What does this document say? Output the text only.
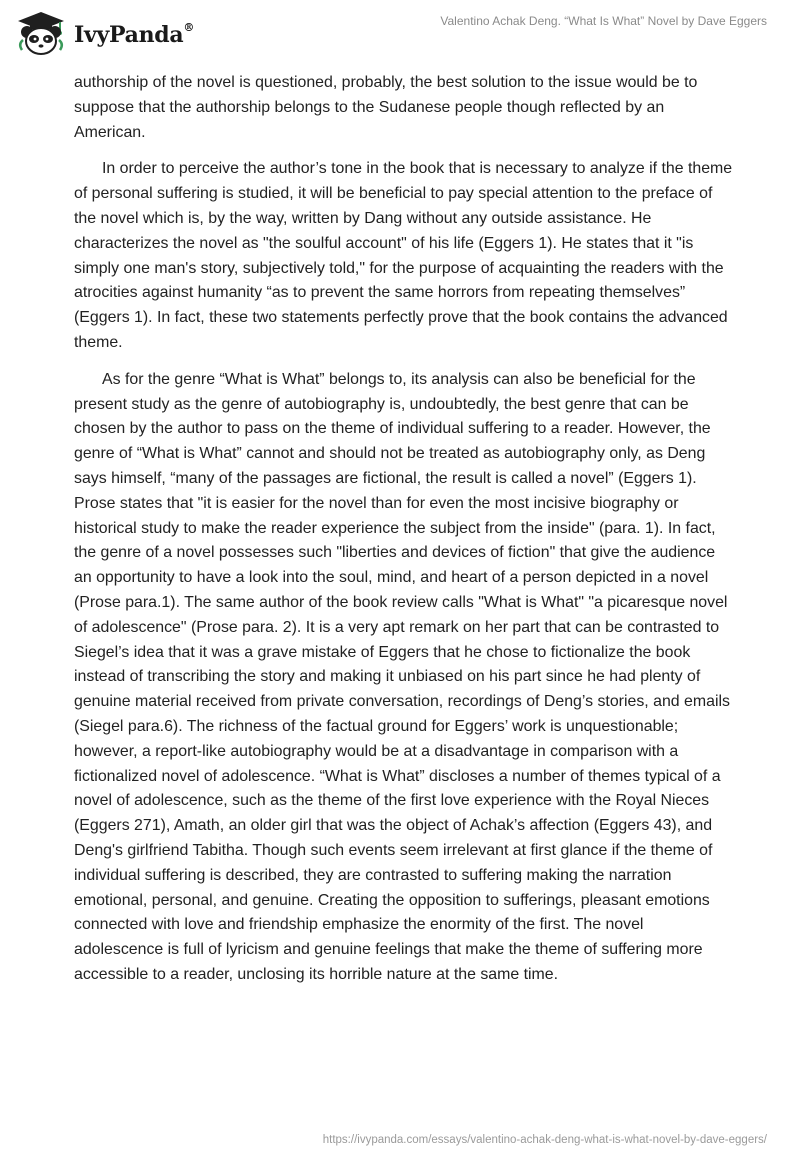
IvyPanda®	Valentino Achak Deng. “What Is What” Novel by Dave Eggers

authorship of the novel is questioned, probably, the best solution to the issue would be to suppose that the authorship belongs to the Sudanese people though reflected by an American.

In order to perceive the author’s tone in the book that is necessary to analyze if the theme of personal suffering is studied, it will be beneficial to pay special attention to the preface of the novel which is, by the way, written by Dang without any outside assistance. He characterizes the novel as "the soulful account" of his life (Eggers 1). He states that it "is simply one man's story, subjectively told," for the purpose of acquainting the readers with the atrocities against humanity “as to prevent the same horrors from repeating themselves” (Eggers 1). In fact, these two statements perfectly prove that the book contains the advanced theme.

As for the genre “What is What” belongs to, its analysis can also be beneficial for the present study as the genre of autobiography is, undoubtedly, the best genre that can be chosen by the author to pass on the theme of individual suffering to a reader. However, the genre of “What is What” cannot and should not be treated as autobiography only, as Deng says himself, “many of the passages are fictional, the result is called a novel” (Eggers 1). Prose states that "it is easier for the novel than for even the most incisive biography or historical study to make the reader experience the subject from the inside" (para. 1). In fact, the genre of a novel possesses such "liberties and devices of fiction" that give the audience an opportunity to have a look into the soul, mind, and heart of a person depicted in a novel (Prose para.1). The same author of the book review calls "What is What" "a picaresque novel of adolescence" (Prose para. 2). It is a very apt remark on her part that can be contrasted to Siegel’s idea that it was a grave mistake of Eggers that he chose to fictionalize the book instead of transcribing the story and making it unbiased on his part since he had plenty of genuine material received from private conversation, recordings of Deng’s stories, and emails (Siegel para.6). The richness of the factual ground for Eggers’ work is unquestionable; however, a report-like autobiography would be at a disadvantage in comparison with a fictionalized novel of adolescence. “What is What” discloses a number of themes typical of a novel of adolescence, such as the theme of the first love experience with the Royal Nieces (Eggers 271), Amath, an older girl that was the object of Achak’s affection (Eggers 43), and Deng's girlfriend Tabitha. Though such events seem irrelevant at first glance if the theme of individual suffering is described, they are contrasted to suffering making the narration emotional, personal, and genuine. Creating the opposition to sufferings, pleasant emotions connected with love and friendship emphasize the enormity of the first. The novel adolescence is full of lyricism and genuine feelings that make the theme of suffering more accessible to a reader, unclosing its horrible nature at the same time.

https://ivypanda.com/essays/valentino-achak-deng-what-is-what-novel-by-dave-eggers/
